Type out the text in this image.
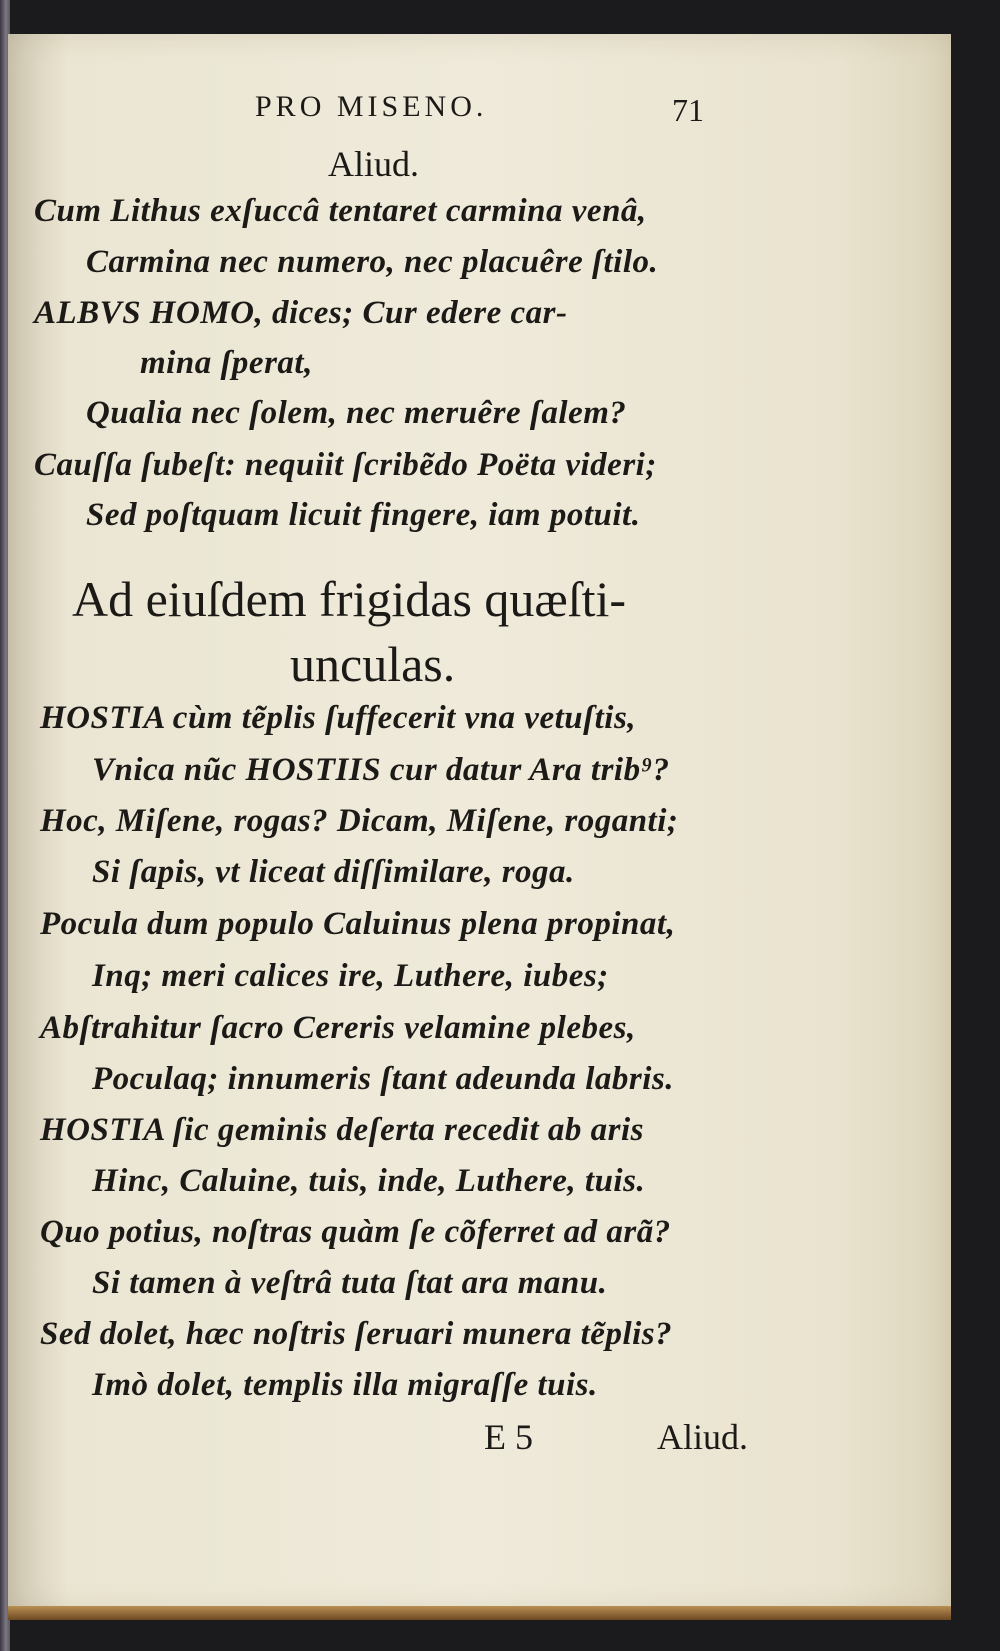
PRO MISENO.	71
Aliud.
Cum Lithus exſuccâ tentaret carmina venâ,
Carmina nec numero, nec placuêre ſtilo.
ALBVS HOMO, dices; Cur edere car-
mina ſperat,
Qualia nec ſolem, nec meruêre ſalem?
Cauſſa ſubeſt: nequiit ſcribẽdo Poëta videri;
Sed poſtquam licuit fingere, iam potuit.
Ad eiuſdem frigidas quæſti-
unculas.
HOSTIA cùm tẽplis ſuffecerit vna vetuſtis,
Vnica nũc HOSTIIS cur datur Ara trib⁹?
Hoc, Miſene, rogas? Dicam, Miſene, roganti;
Si ſapis, vt liceat diſſimilare, roga.
Pocula dum populo Caluinus plena propinat,
Inq; meri calices ire, Luthere, iubes;
Abſtrahitur ſacro Cereris velamine plebes,
Poculaq; innumeris ſtant adeunda labris.
HOSTIA ſic geminis deſerta recedit ab aris
Hinc, Caluine, tuis, inde, Luthere, tuis.
Quo potius, noſtras quàm ſe cõferret ad arã?
Si tamen à veſtrâ tuta ſtat ara manu.
Sed dolet, hæc noſtris ſeruari munera tẽplis?
Imò dolet, templis illa migraſſe tuis.
E 5	Aliud.
